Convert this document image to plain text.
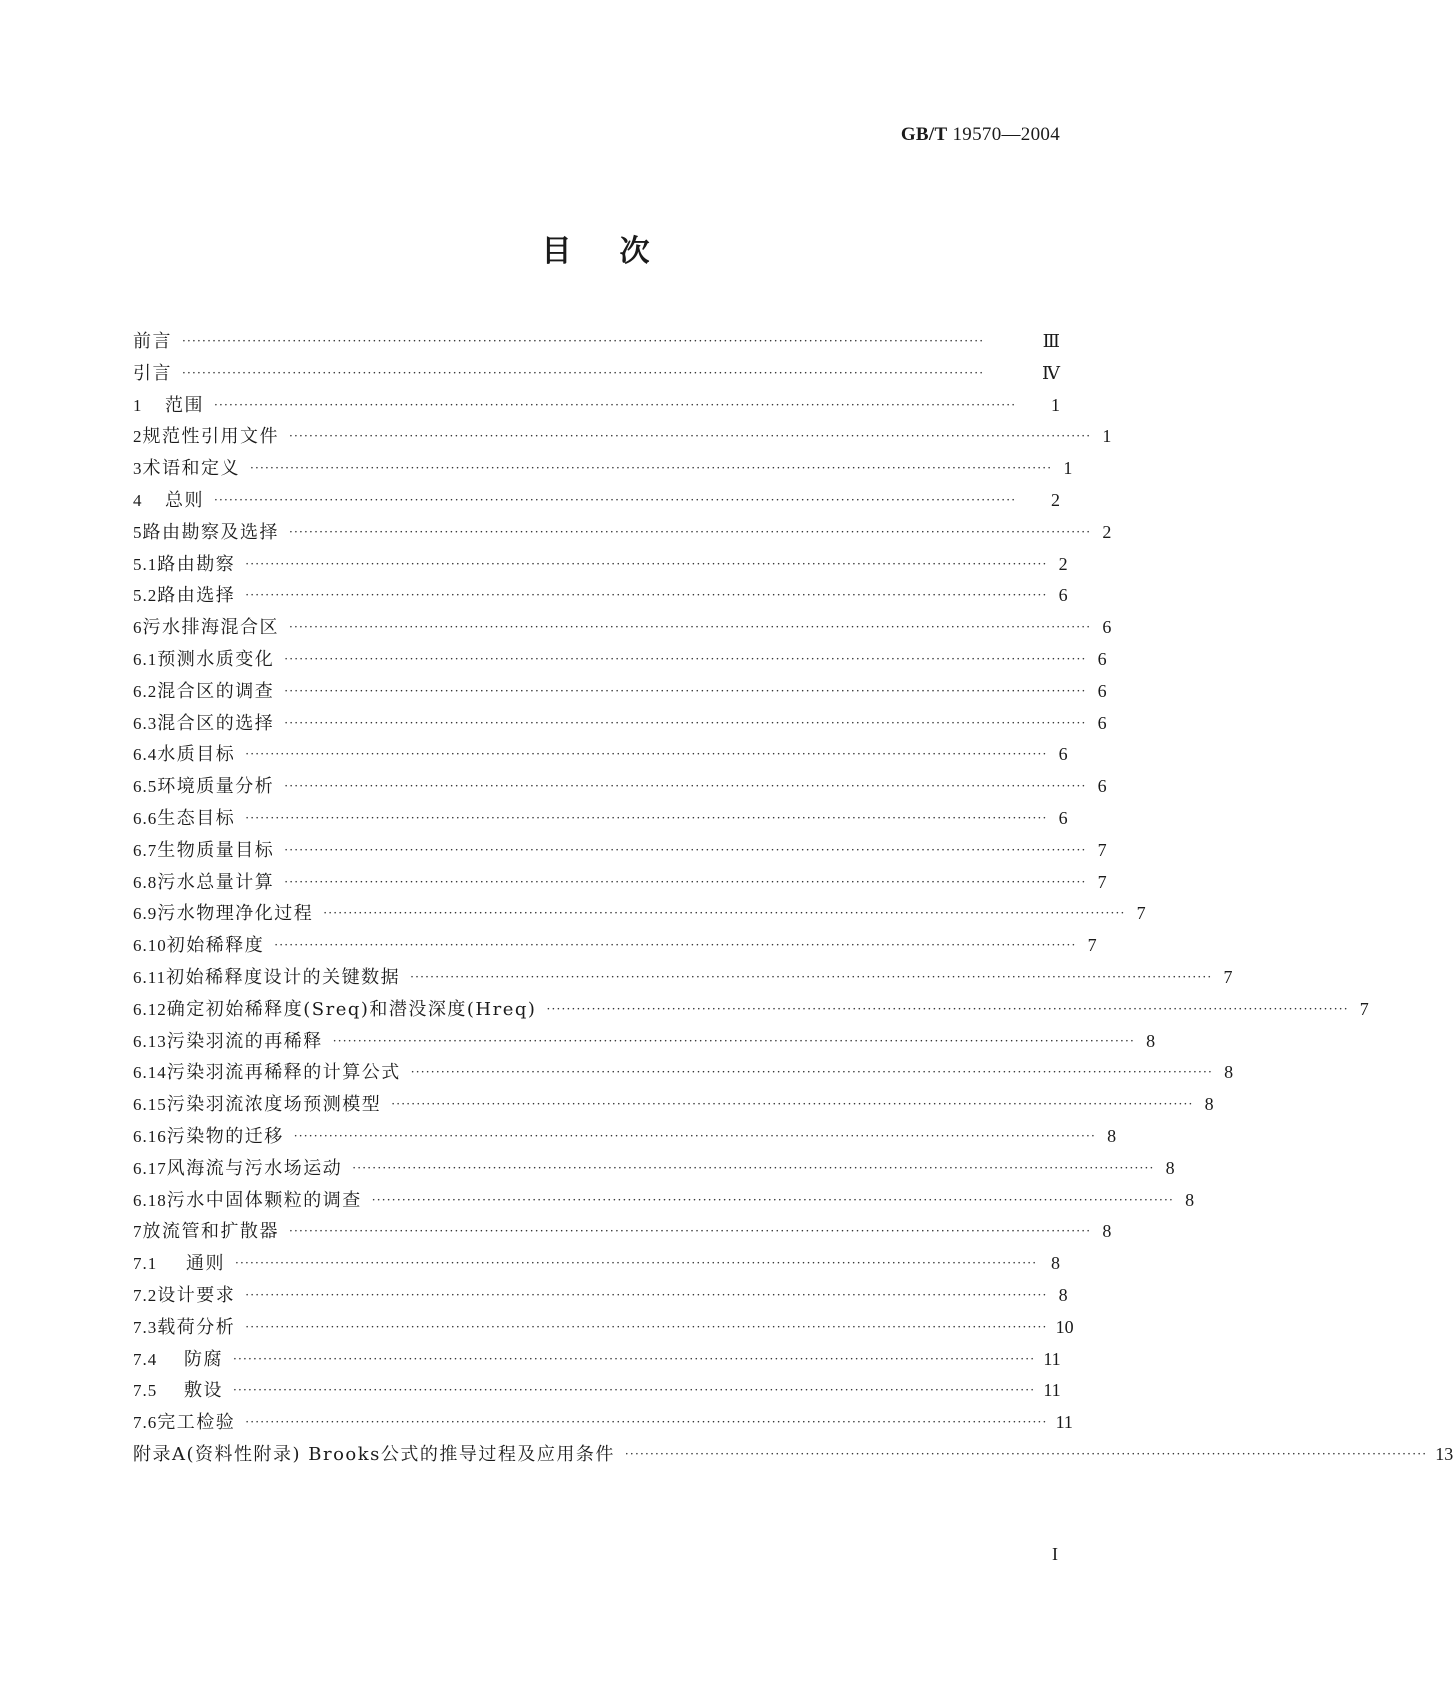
GB/T 19570—2004
目次
前言 ································································································································································	Ⅲ
引言 ································································································································································	Ⅳ
1	范围 ································································································································································	1
2 规范性引用文件 ································································································································································ 1
3 术语和定义 ································································································································································ 1
4	总则 ································································································································································	2
5 路由勘察及选择 ································································································································································ 2
5.1 路由勘察 ································································································································································ 2
5.2 路由选择 ································································································································································ 6
6 污水排海混合区 ································································································································································ 6
6.1 预测水质变化 ································································································································································ 6
6.2 混合区的调查 ································································································································································ 6
6.3 混合区的选择 ································································································································································ 6
6.4 水质目标 ································································································································································ 6
6.5 环境质量分析 ································································································································································ 6
6.6 生态目标 ································································································································································ 6
6.7 生物质量目标 ································································································································································ 7
6.8 污水总量计算 ································································································································································ 7
6.9 污水物理净化过程 ································································································································································ 7
6.10 初始稀释度 ································································································································································ 7
6.11 初始稀释度设计的关键数据 ································································································································································ 7
6.12 确定初始稀释度(Sreq)和潜没深度(Hreq) ································································································································································ 7
6.13 污染羽流的再稀释 ································································································································································ 8
6.14 污染羽流再稀释的计算公式 ································································································································································ 8
6.15 污染羽流浓度场预测模型 ································································································································································ 8
6.16 污染物的迁移 ································································································································································ 8
6.17 风海流与污水场运动 ································································································································································ 8
6.18 污水中固体颗粒的调查 ································································································································································ 8
7 放流管和扩散器 ································································································································································ 8
7.1	通则 ································································································································································ 8
7.2 设计要求 ································································································································································ 8
7.3 载荷分析 ································································································································································ 10
7.4	防腐 ································································································································································ 11
7.5	敷设 ································································································································································ 11
7.6 完工检验 ································································································································································ 11
附录A(资料性附录) Brooks公式的推导过程及应用条件 ································································································································································ 13
I
